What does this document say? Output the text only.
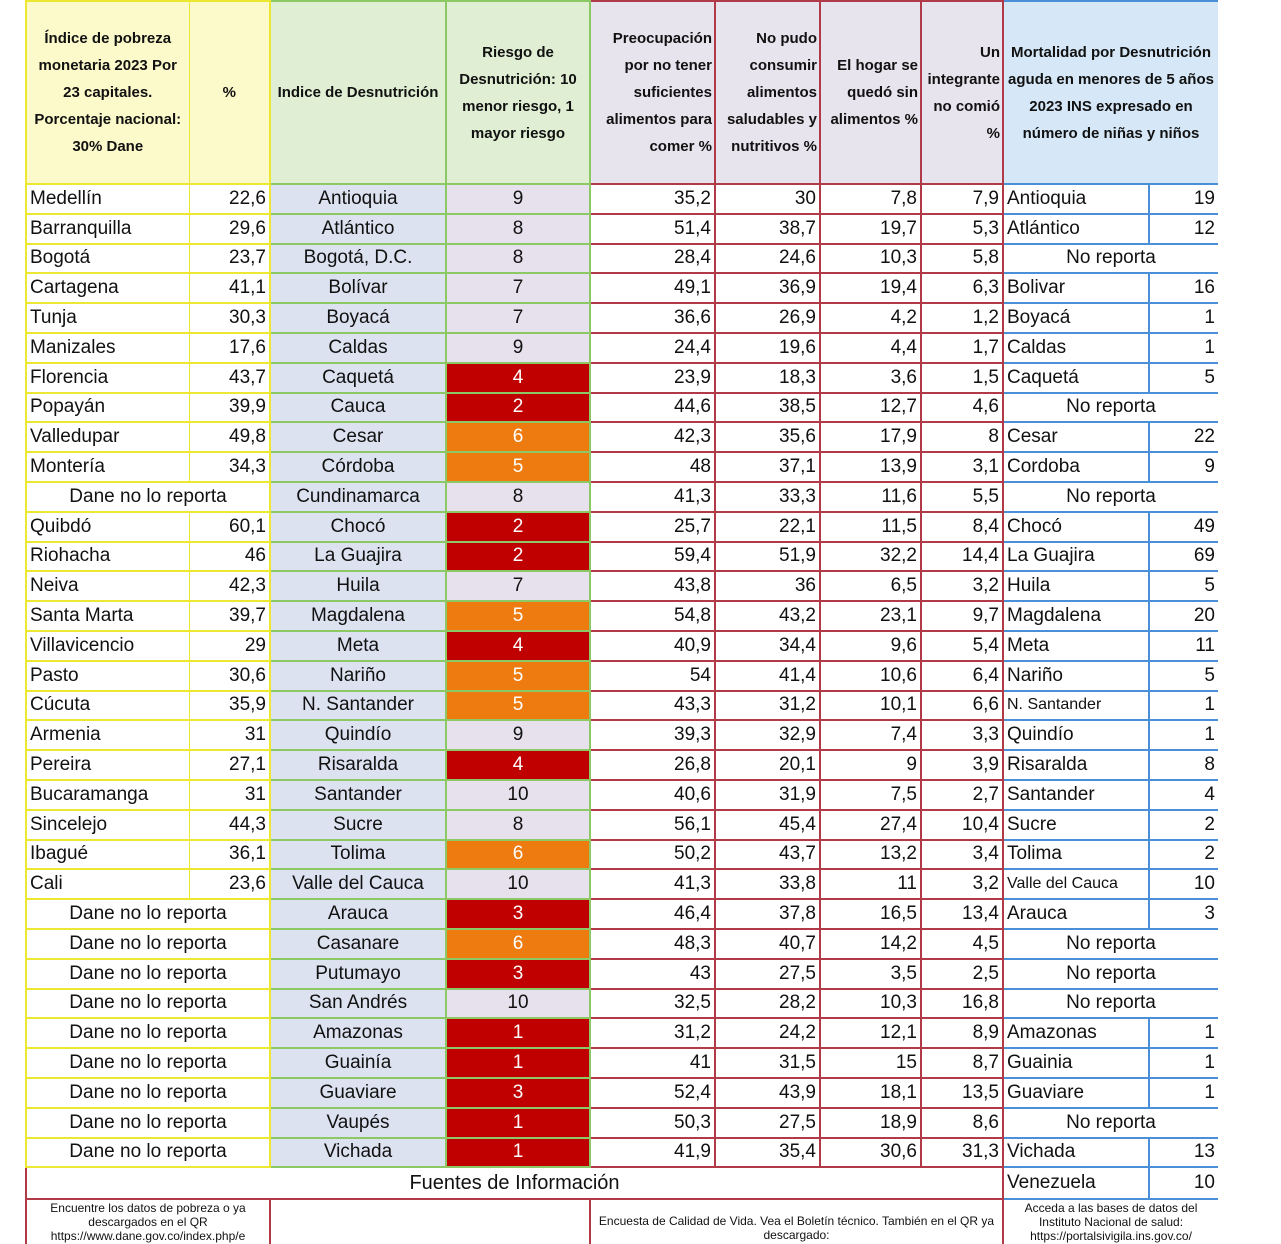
Índice de pobreza monetaria 2023 Por 23 capitales. Porcentaje nacional: 30% Dane	%	Indice de Desnutrición	Riesgo de Desnutrición: 10 menor riesgo, 1 mayor riesgo	Preocupación por no tener suficientes alimentos para comer %	No pudo consumir alimentos saludables y nutritivos %	El hogar se quedó sin alimentos %	Un integrante no comió %	Mortalidad por Desnutrición aguda en menores de 5 años 2023 INS expresado en número de niñas y niños	
Medellín	22,6	Antioquia	9	35,2	30	7,8	7,9	Antioquia	19
Barranquilla	29,6	Atlántico	8	51,4	38,7	19,7	5,3	Atlántico	12
Bogotá	23,7	Bogotá, D.C.	8	28,4	24,6	10,3	5,8	No reporta	
Cartagena	41,1	Bolívar	7	49,1	36,9	19,4	6,3	Bolivar	16
Tunja	30,3	Boyacá	7	36,6	26,9	4,2	1,2	Boyacá	1
Manizales	17,6	Caldas	9	24,4	19,6	4,4	1,7	Caldas	1
Florencia	43,7	Caquetá	4	23,9	18,3	3,6	1,5	Caquetá	5
Popayán	39,9	Cauca	2	44,6	38,5	12,7	4,6	No reporta	
Valledupar	49,8	Cesar	6	42,3	35,6	17,9	8	Cesar	22
Montería	34,3	Córdoba	5	48	37,1	13,9	3,1	Cordoba	9
Dane no lo reporta		Cundinamarca	8	41,3	33,3	11,6	5,5	No reporta	
Quibdó	60,1	Chocó	2	25,7	22,1	11,5	8,4	Chocó	49
Riohacha	46	La Guajira	2	59,4	51,9	32,2	14,4	La Guajira	69
Neiva	42,3	Huila	7	43,8	36	6,5	3,2	Huila	5
Santa Marta	39,7	Magdalena	5	54,8	43,2	23,1	9,7	Magdalena	20
Villavicencio	29	Meta	4	40,9	34,4	9,6	5,4	Meta	11
Pasto	30,6	Nariño	5	54	41,4	10,6	6,4	Nariño	5
Cúcuta	35,9	N. Santander	5	43,3	31,2	10,1	6,6	N. Santander	1
Armenia	31	Quindío	9	39,3	32,9	7,4	3,3	Quindío	1
Pereira	27,1	Risaralda	4	26,8	20,1	9	3,9	Risaralda	8
Bucaramanga	31	Santander	10	40,6	31,9	7,5	2,7	Santander	4
Sincelejo	44,3	Sucre	8	56,1	45,4	27,4	10,4	Sucre	2
Ibagué	36,1	Tolima	6	50,2	43,7	13,2	3,4	Tolima	2
Cali	23,6	Valle del Cauca	10	41,3	33,8	11	3,2	Valle del Cauca	10
Dane no lo reporta		Arauca	3	46,4	37,8	16,5	13,4	Arauca	3
Dane no lo reporta		Casanare	6	48,3	40,7	14,2	4,5	No reporta	
Dane no lo reporta		Putumayo	3	43	27,5	3,5	2,5	No reporta	
Dane no lo reporta		San Andrés	10	32,5	28,2	10,3	16,8	No reporta	
Dane no lo reporta		Amazonas	1	31,2	24,2	12,1	8,9	Amazonas	1
Dane no lo reporta		Guainía	1	41	31,5	15	8,7	Guainia	1
Dane no lo reporta		Guaviare	3	52,4	43,9	18,1	13,5	Guaviare	1
Dane no lo reporta		Vaupés	1	50,3	27,5	18,9	8,6	No reporta	
Dane no lo reporta		Vichada	1	41,9	35,4	30,6	31,3	Vichada	13
Fuentes de Información								Venezuela	10
Encuentre los datos de pobreza o ya descargados en el QR https://www.dane.gov.co/index.php/e				Encuesta de Calidad de Vida. Vea el Boletín técnico. También en el QR ya descargado:				Acceda a las bases de datos del Instituto Nacional de salud: https://portalsivigila.ins.gov.co/	
